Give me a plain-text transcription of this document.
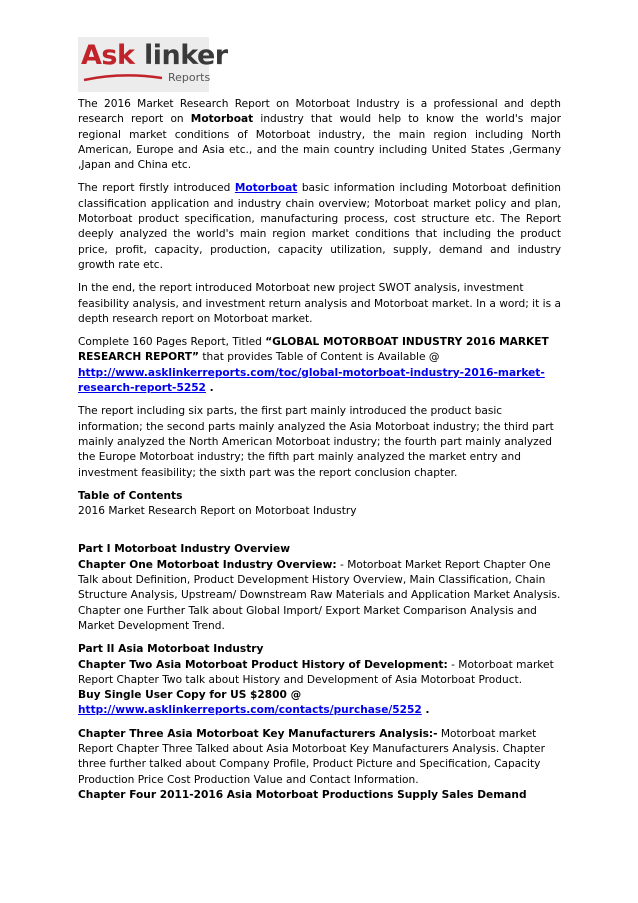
Ask linker
Reports

The 2016 Market Research Report on Motorboat Industry is a professional and depth research report on Motorboat industry that would help to know the world's major regional market conditions of Motorboat industry, the main region including North American, Europe and Asia etc., and the main country including United States ,Germany ,Japan and China etc.

The report firstly introduced Motorboat basic information including Motorboat definition classification application and industry chain overview; Motorboat market policy and plan, Motorboat product specification, manufacturing process, cost structure etc. The Report deeply analyzed the world's main region market conditions that including the product price, profit, capacity, production, capacity utilization, supply, demand and industry growth rate etc.

In the end, the report introduced Motorboat new project SWOT analysis, investment feasibility analysis, and investment return analysis and Motorboat market. In a word; it is a depth research report on Motorboat market.

Complete 160 Pages Report, Titled “GLOBAL MOTORBOAT INDUSTRY 2016 MARKET RESEARCH REPORT” that provides Table of Content is Available @ http://www.asklinkerreports.com/toc/global-motorboat-industry-2016-market-research-report-5252 .

The report including six parts, the first part mainly introduced the product basic information; the second parts mainly analyzed the Asia Motorboat industry; the third part mainly analyzed the North American Motorboat industry; the fourth part mainly analyzed the Europe Motorboat industry; the fifth part mainly analyzed the market entry and investment feasibility; the sixth part was the report conclusion chapter.

Table of Contents
2016 Market Research Report on Motorboat Industry

Part I Motorboat Industry Overview
Chapter One Motorboat Industry Overview: - Motorboat Market Report Chapter One Talk about Definition, Product Development History Overview, Main Classification, Chain Structure Analysis, Upstream/ Downstream Raw Materials and Application Market Analysis. Chapter one Further Talk about Global Import/ Export Market Comparison Analysis and Market Development Trend.

Part II Asia Motorboat Industry
Chapter Two Asia Motorboat Product History of Development: - Motorboat market Report Chapter Two talk about History and Development of Asia Motorboat Product.
Buy Single User Copy for US $2800 @
http://www.asklinkerreports.com/contacts/purchase/5252 .

Chapter Three Asia Motorboat Key Manufacturers Analysis:- Motorboat market Report Chapter Three Talked about Asia Motorboat Key Manufacturers Analysis. Chapter three further talked about Company Profile, Product Picture and Specification, Capacity Production Price Cost Production Value and Contact Information.
Chapter Four 2011-2016 Asia Motorboat Productions Supply Sales Demand
